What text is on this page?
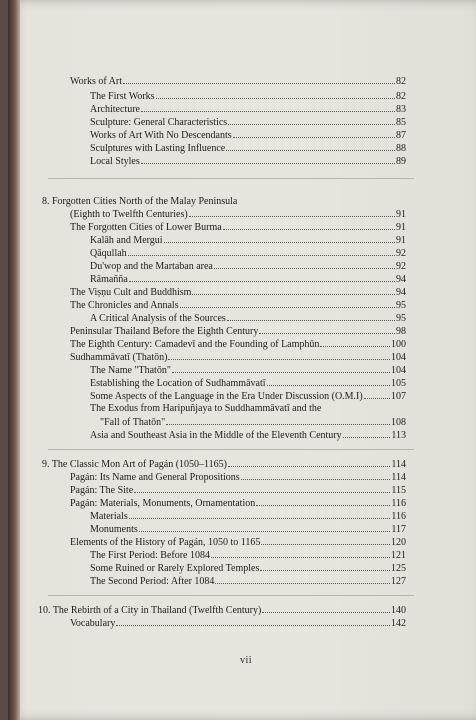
Works of Art	82
The First Works	82
Architecture	83
Sculpture: General Characteristics	85
Works of Art With No Descendants	87
Sculptures with Lasting Influence	88
Local Styles	89
8. Forgotten Cities North of the Malay Peninsula
(Eighth to Twelfth Centuries)	91
The Forgotten Cities of Lower Burma	91
Kalāh and Mergui	91
Qāqullah	92
Du'wop and the Martaban area	92
Rāmañña	94
The Viṣṇu Cult and Buddhism	94
The Chronicles and Annals	95
A Critical Analysis of the Sources	95
Peninsular Thailand Before the Eighth Century	98
The Eighth Century: Camadevī and the Founding of Lamphūn	100
Sudhammāvatī (Thatōn)	104
The Name "Thatōn"	104
Establishing the Location of Sudhammāvatī	105
Some Aspects of the Language in the Era Under Discussion (O.M.I)	107
The Exodus from Haripuñjaya to Suddhammāvatī and the
"Fall of Thatōn"	108
Asia and Southeast Asia in the Middle of the Eleventh Century	113
9. The Classic Mon Art of Pagán (1050–1165)	114
Pagán: Its Name and General Propositions	114
Pagán: The Site	115
Pagán: Materials, Monuments, Ornamentation	116
Materials	116
Monuments	117
Elements of the History of Pagán, 1050 to 1165	120
The First Period: Before 1084	121
Some Ruined or Rarely Explored Temples	125
The Second Period: After 1084	127
10. The Rebirth of a City in Thailand (Twelfth Century)	140
Vocabulary	142
vii
